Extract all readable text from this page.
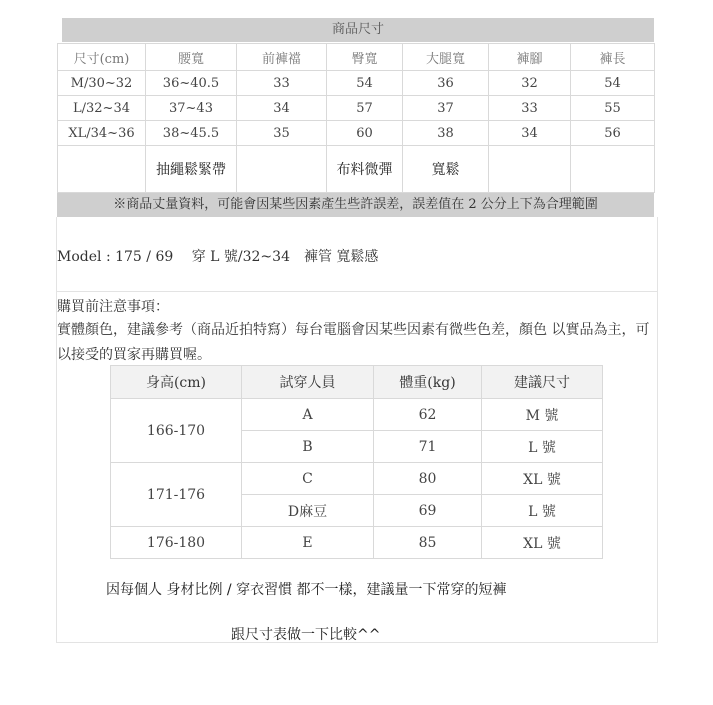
商品尺寸
尺寸(cm)	腰寬	前褲襠	臀寬	大腿寬	褲腳	褲長
M/30~32	36~40.5	33	54	36	32	54
L/32~34	37~43	34	57	37	33	55
XL/34~36	38~45.5	35	60	38	34	56
	抽繩鬆緊帶		布料微彈	寬鬆		
※商品丈量資料，可能會因某些因素產生些許誤差，誤差值在 2 公分上下為合理範圍
Model : 175 / 69　 穿 L 號/32~34　褲管 寬鬆感
購買前注意事項：
實體顏色，建議參考（商品近拍特寫）每台電腦會因某些因素有微些色差，顏色 以實品為主，可以接受的買家再購買喔。
身高(cm)	試穿人員	體重(kg)	建議尺寸
166-170	A	62	M 號
	B	71	L 號
171-176	C	80	XL 號
	D麻豆	69	L 號
176-180	E	85	XL 號
因每個人 身材比例 / 穿衣習慣 都不一樣，建議量一下常穿的短褲
跟尺寸表做一下比較^^
